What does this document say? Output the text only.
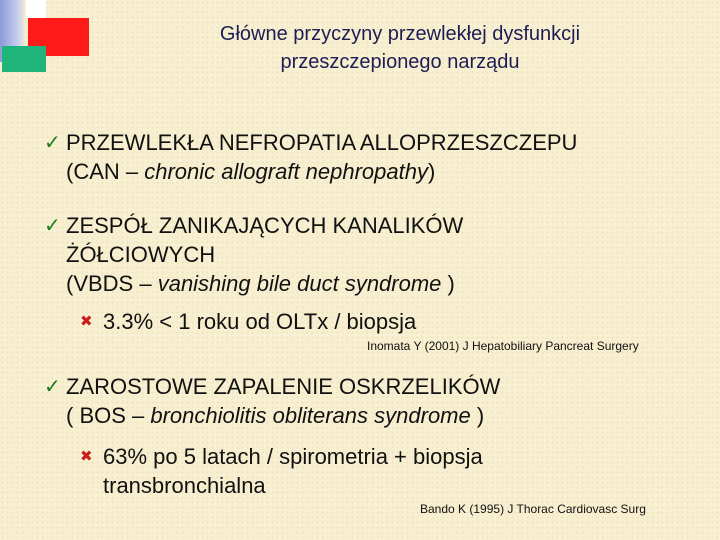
Główne przyczyny przewlekłej dysfunkcji
przeszczepionego narządu
✓ PRZEWLEKŁA NEFROPATIA ALLOPRZESZCZEPU
(CAN – chronic allograft nephropathy)
✓ ZESPÓŁ ZANIKAJĄCYCH KANALIKÓW
ŻÓŁCIOWYCH
(VBDS – vanishing bile duct syndrome )
✖ 3.3% < 1 roku od OLTx / biopsja
Inomata Y (2001) J Hepatobiliary Pancreat Surgery
✓ ZAROSTOWE ZAPALENIE OSKRZELIKÓW
( BOS – bronchiolitis obliterans syndrome )
✖ 63% po 5 latach / spirometria + biopsja
transbronchialna
Bando K (1995) J Thorac Cardiovasc Surg
